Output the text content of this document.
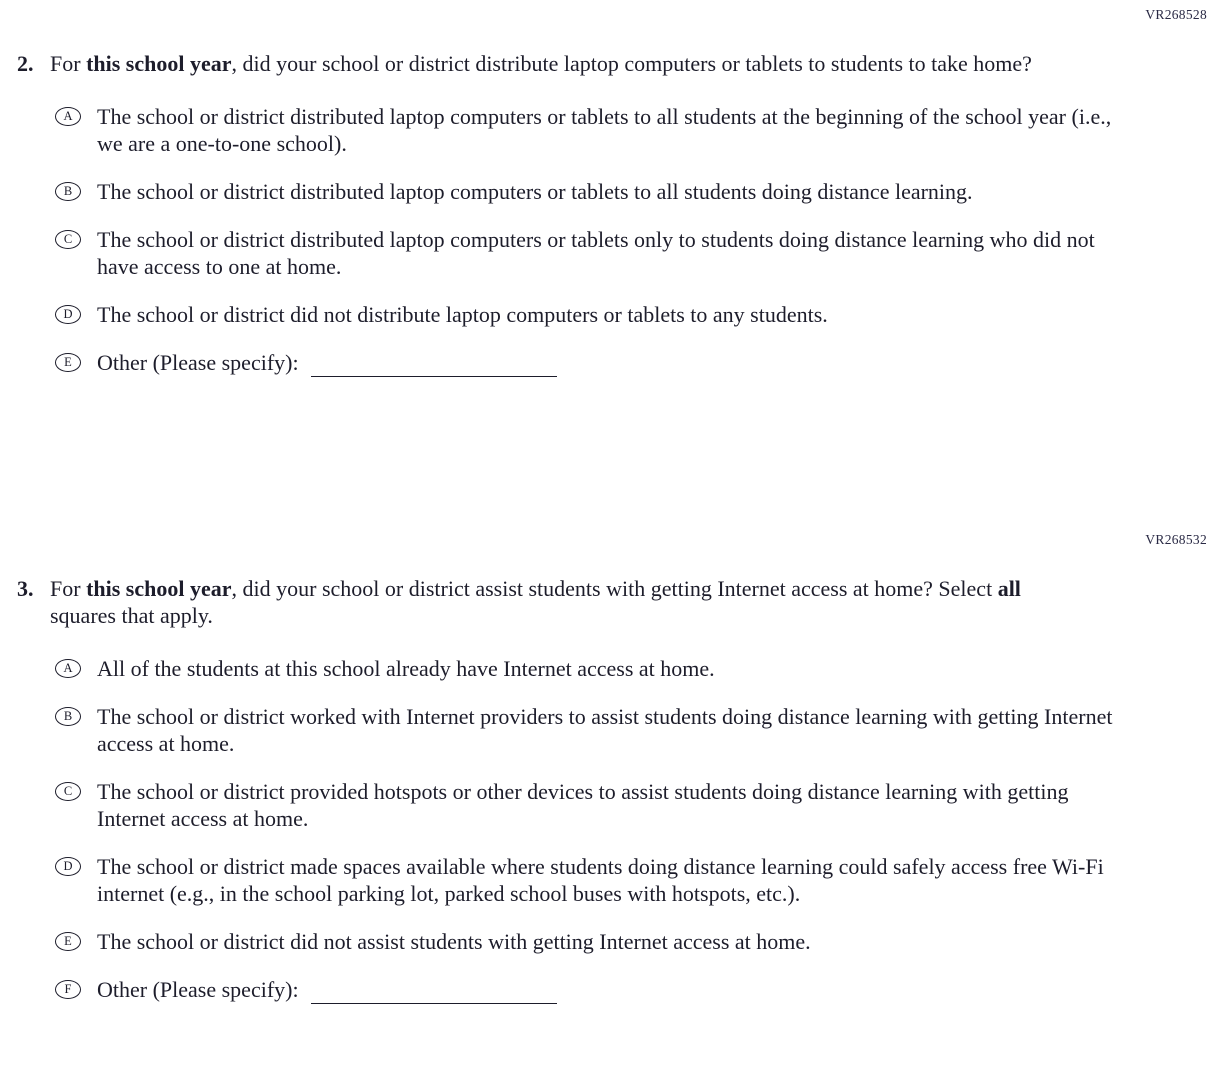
VR268528
2. For this school year, did your school or district distribute laptop computers or tablets to students to take home?

A The school or district distributed laptop computers or tablets to all students at the beginning of the school year (i.e., we are a one-to-one school).

B The school or district distributed laptop computers or tablets to all students doing distance learning.

C The school or district distributed laptop computers or tablets only to students doing distance learning who did not have access to one at home.

D The school or district did not distribute laptop computers or tablets to any students.

E Other (Please specify):

VR268532
3. For this school year, did your school or district assist students with getting Internet access at home? Select all squares that apply.

A All of the students at this school already have Internet access at home.

B The school or district worked with Internet providers to assist students doing distance learning with getting Internet access at home.

C The school or district provided hotspots or other devices to assist students doing distance learning with getting Internet access at home.

D The school or district made spaces available where students doing distance learning could safely access free Wi-Fi internet (e.g., in the school parking lot, parked school buses with hotspots, etc.).

E The school or district did not assist students with getting Internet access at home.

F Other (Please specify):
